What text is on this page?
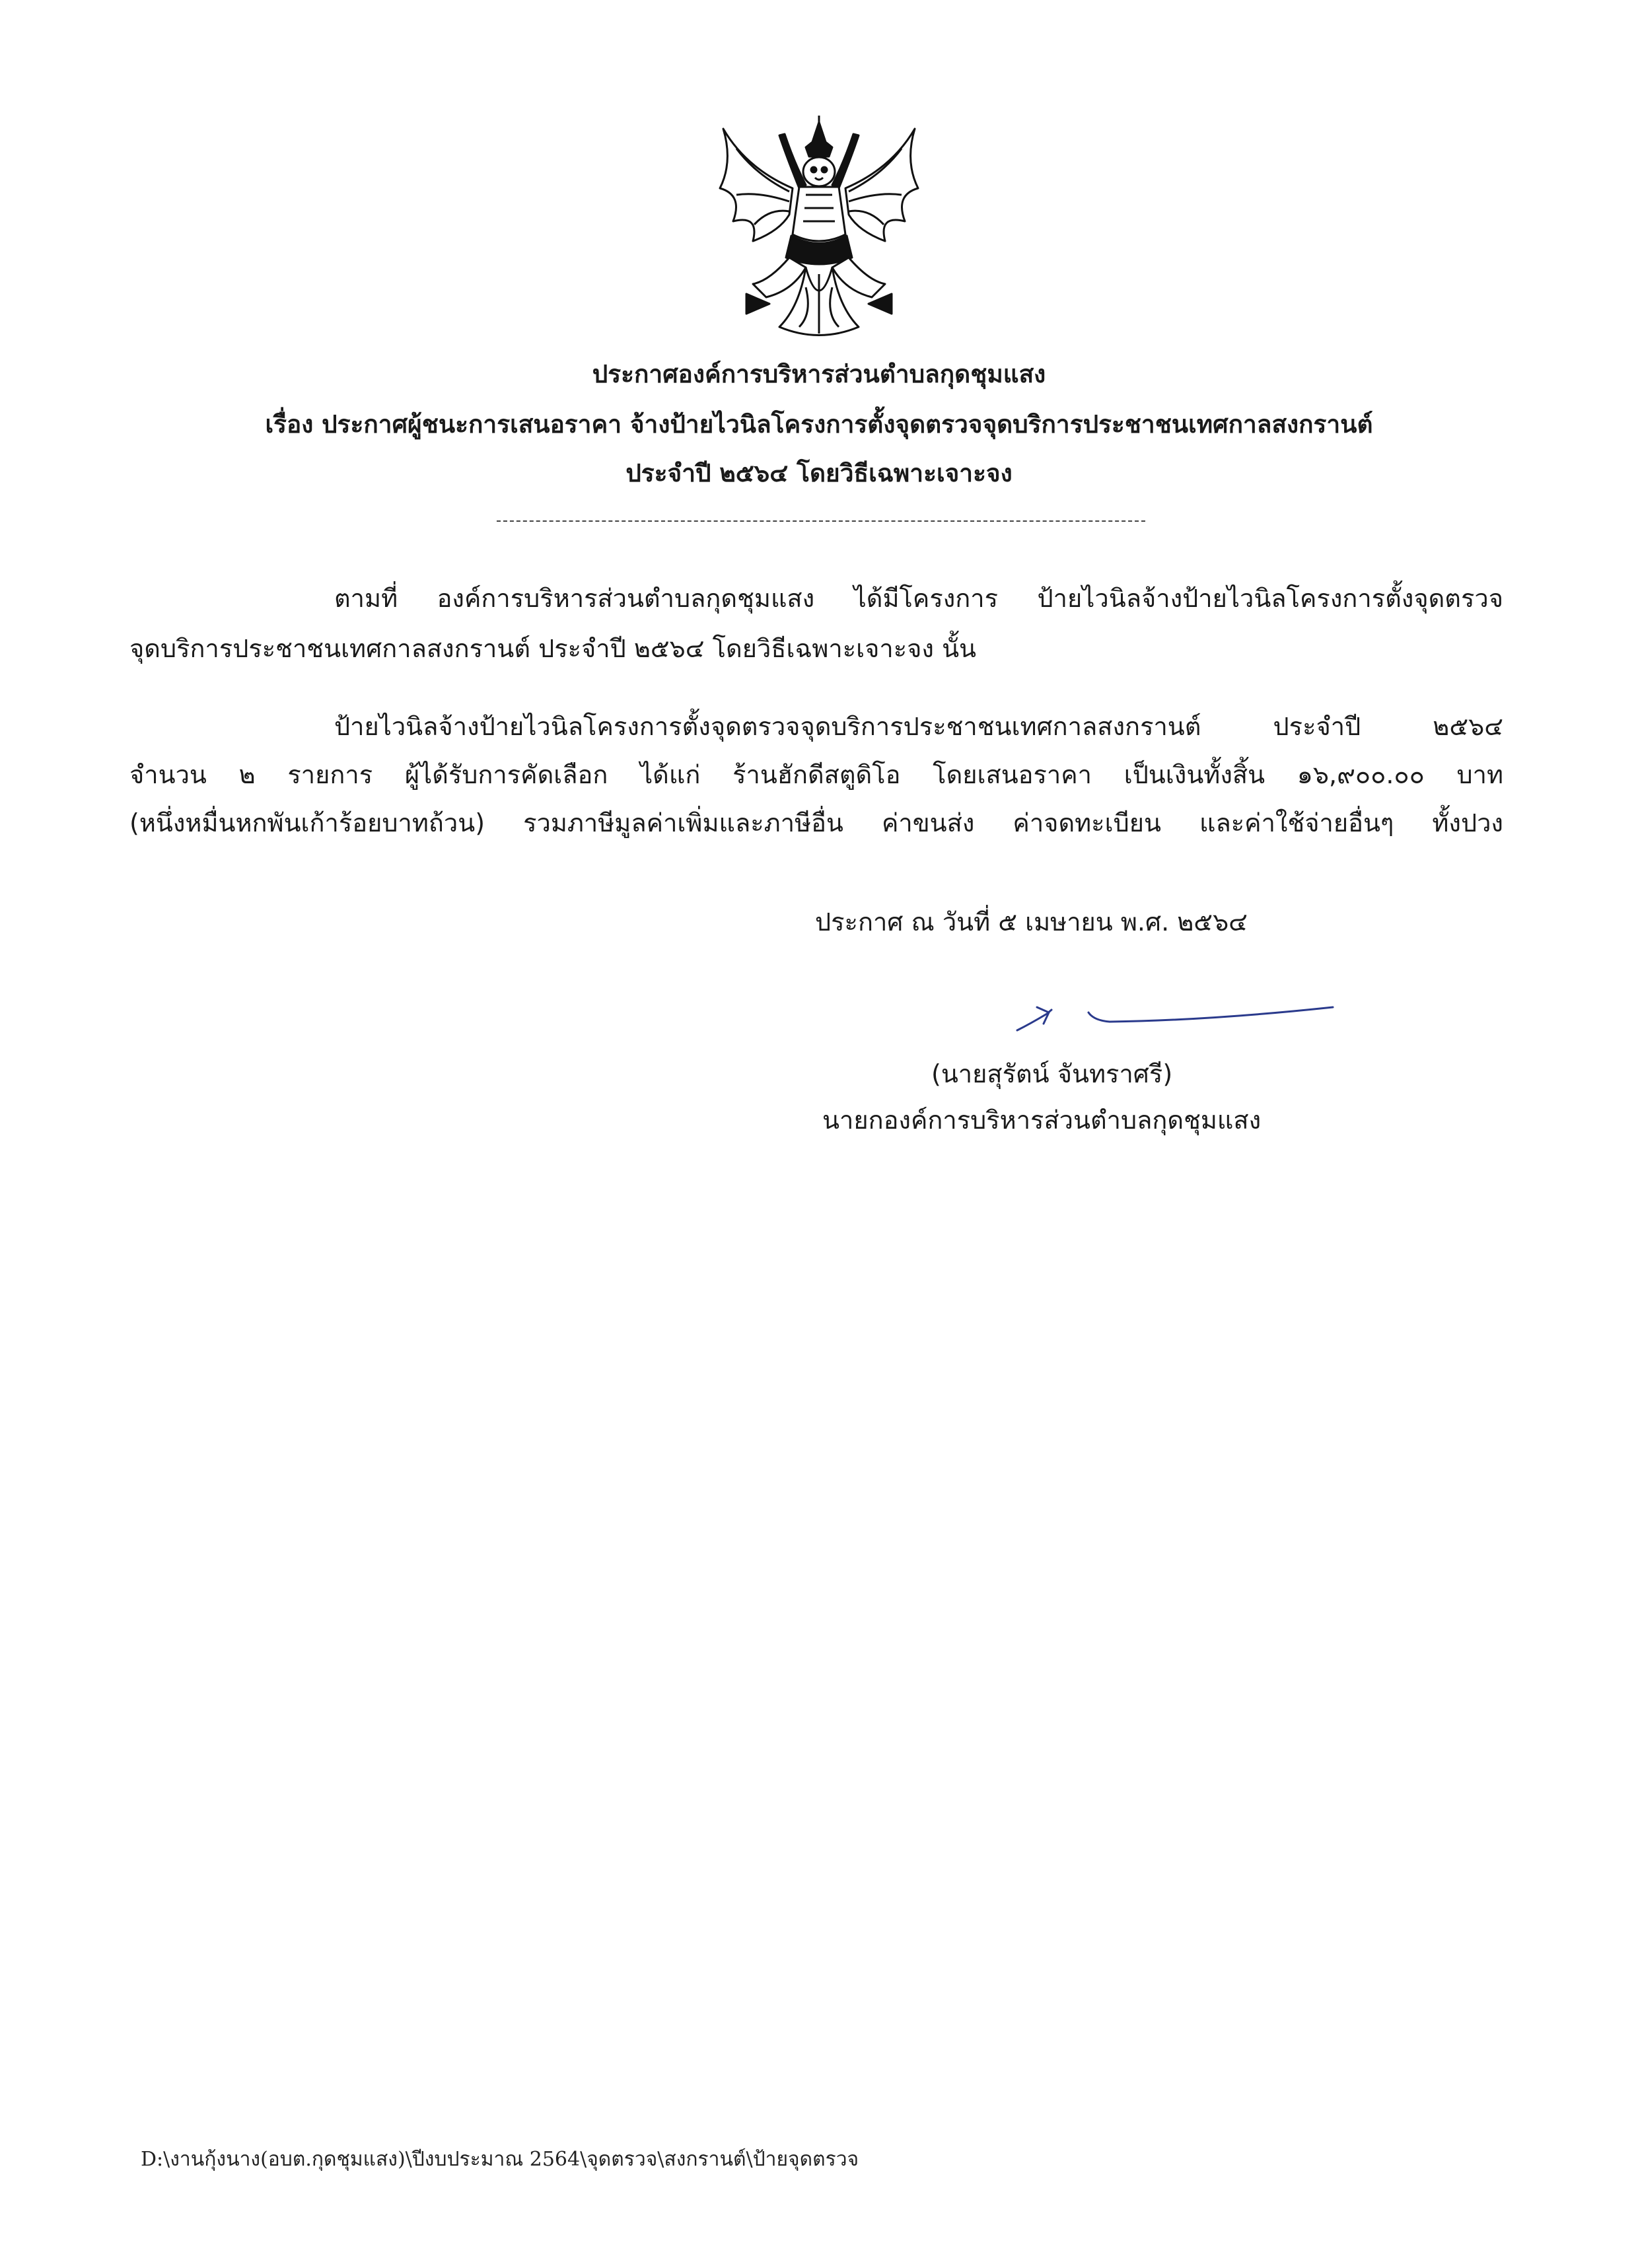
ประกาศองค์การบริหารส่วนตำบลกุดชุมแสง
เรื่อง ประกาศผู้ชนะการเสนอราคา จ้างป้ายไวนิลโครงการตั้งจุดตรวจจุดบริการประชาชนเทศกาลสงกรานต์
ประจำปี ๒๕๖๔ โดยวิธีเฉพาะเจาะจง
ตามที่ องค์การบริหารส่วนตำบลกุดชุมแสง ได้มีโครงการ ป้ายไวนิลจ้างป้ายไวนิลโครงการตั้งจุดตรวจ
จุดบริการประชาชนเทศกาลสงกรานต์ ประจำปี ๒๕๖๔ โดยวิธีเฉพาะเจาะจง นั้น
ป้ายไวนิลจ้างป้ายไวนิลโครงการตั้งจุดตรวจจุดบริการประชาชนเทศกาลสงกรานต์ ประจำปี ๒๕๖๔
จำนวน ๒ รายการ ผู้ได้รับการคัดเลือก ได้แก่ ร้านฮักดีสตูดิโอ โดยเสนอราคา เป็นเงินทั้งสิ้น ๑๖,๙๐๐.๐๐ บาท
(หนึ่งหมื่นหกพันเก้าร้อยบาทถ้วน) รวมภาษีมูลค่าเพิ่มและภาษีอื่น ค่าขนส่ง ค่าจดทะเบียน และค่าใช้จ่ายอื่นๆ ทั้งปวง
ประกาศ ณ วันที่ ๕ เมษายน พ.ศ. ๒๕๖๔
(นายสุรัตน์ จันทราศรี)
นายกองค์การบริหารส่วนตำบลกุดชุมแสง
D:\งานกุ้งนาง(อบต.กุดชุมแสง)\ปีงบประมาณ 2564\จุดตรวจ\สงกรานต์\ป้ายจุดตรวจ
